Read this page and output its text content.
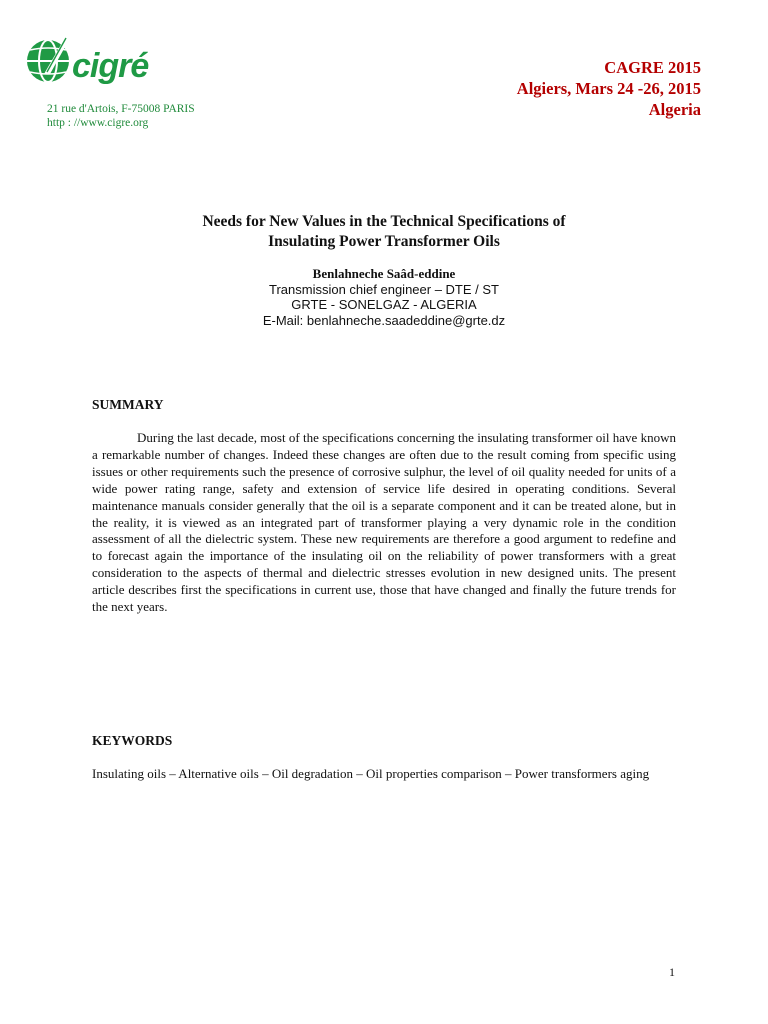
cigré
21 rue d'Artois, F-75008 PARIS
http : //www.cigre.org
CAGRE 2015
Algiers, Mars 24 -26, 2015
Algeria
Needs for New Values in the Technical Specifications of
Insulating Power Transformer Oils
Benlahneche Saâd-eddine
Transmission chief engineer – DTE / ST
GRTE - SONELGAZ - ALGERIA
E-Mail: benlahneche.saadeddine@grte.dz
SUMMARY
During the last decade, most of the specifications concerning the insulating transformer oil have known a remarkable number of changes. Indeed these changes are often due to the result coming from specific using issues or other requirements such the presence of corrosive sulphur, the level of oil quality needed for units of a wide power rating range, safety and extension of service life desired in operating conditions. Several maintenance manuals consider generally that the oil is a separate component and it can be treated alone, but in the reality, it is viewed as an integrated part of transformer playing a very dynamic role in the condition assessment of all the dielectric system. These new requirements are therefore a good argument to redefine and to forecast again the importance of the insulating oil on the reliability of power transformers with a great consideration to the aspects of thermal and dielectric stresses evolution in new designed units. The present article describes first the specifications in current use, those that have changed and finally the future trends for the next years.
KEYWORDS
Insulating oils – Alternative oils – Oil degradation – Oil properties comparison – Power transformers aging
1
